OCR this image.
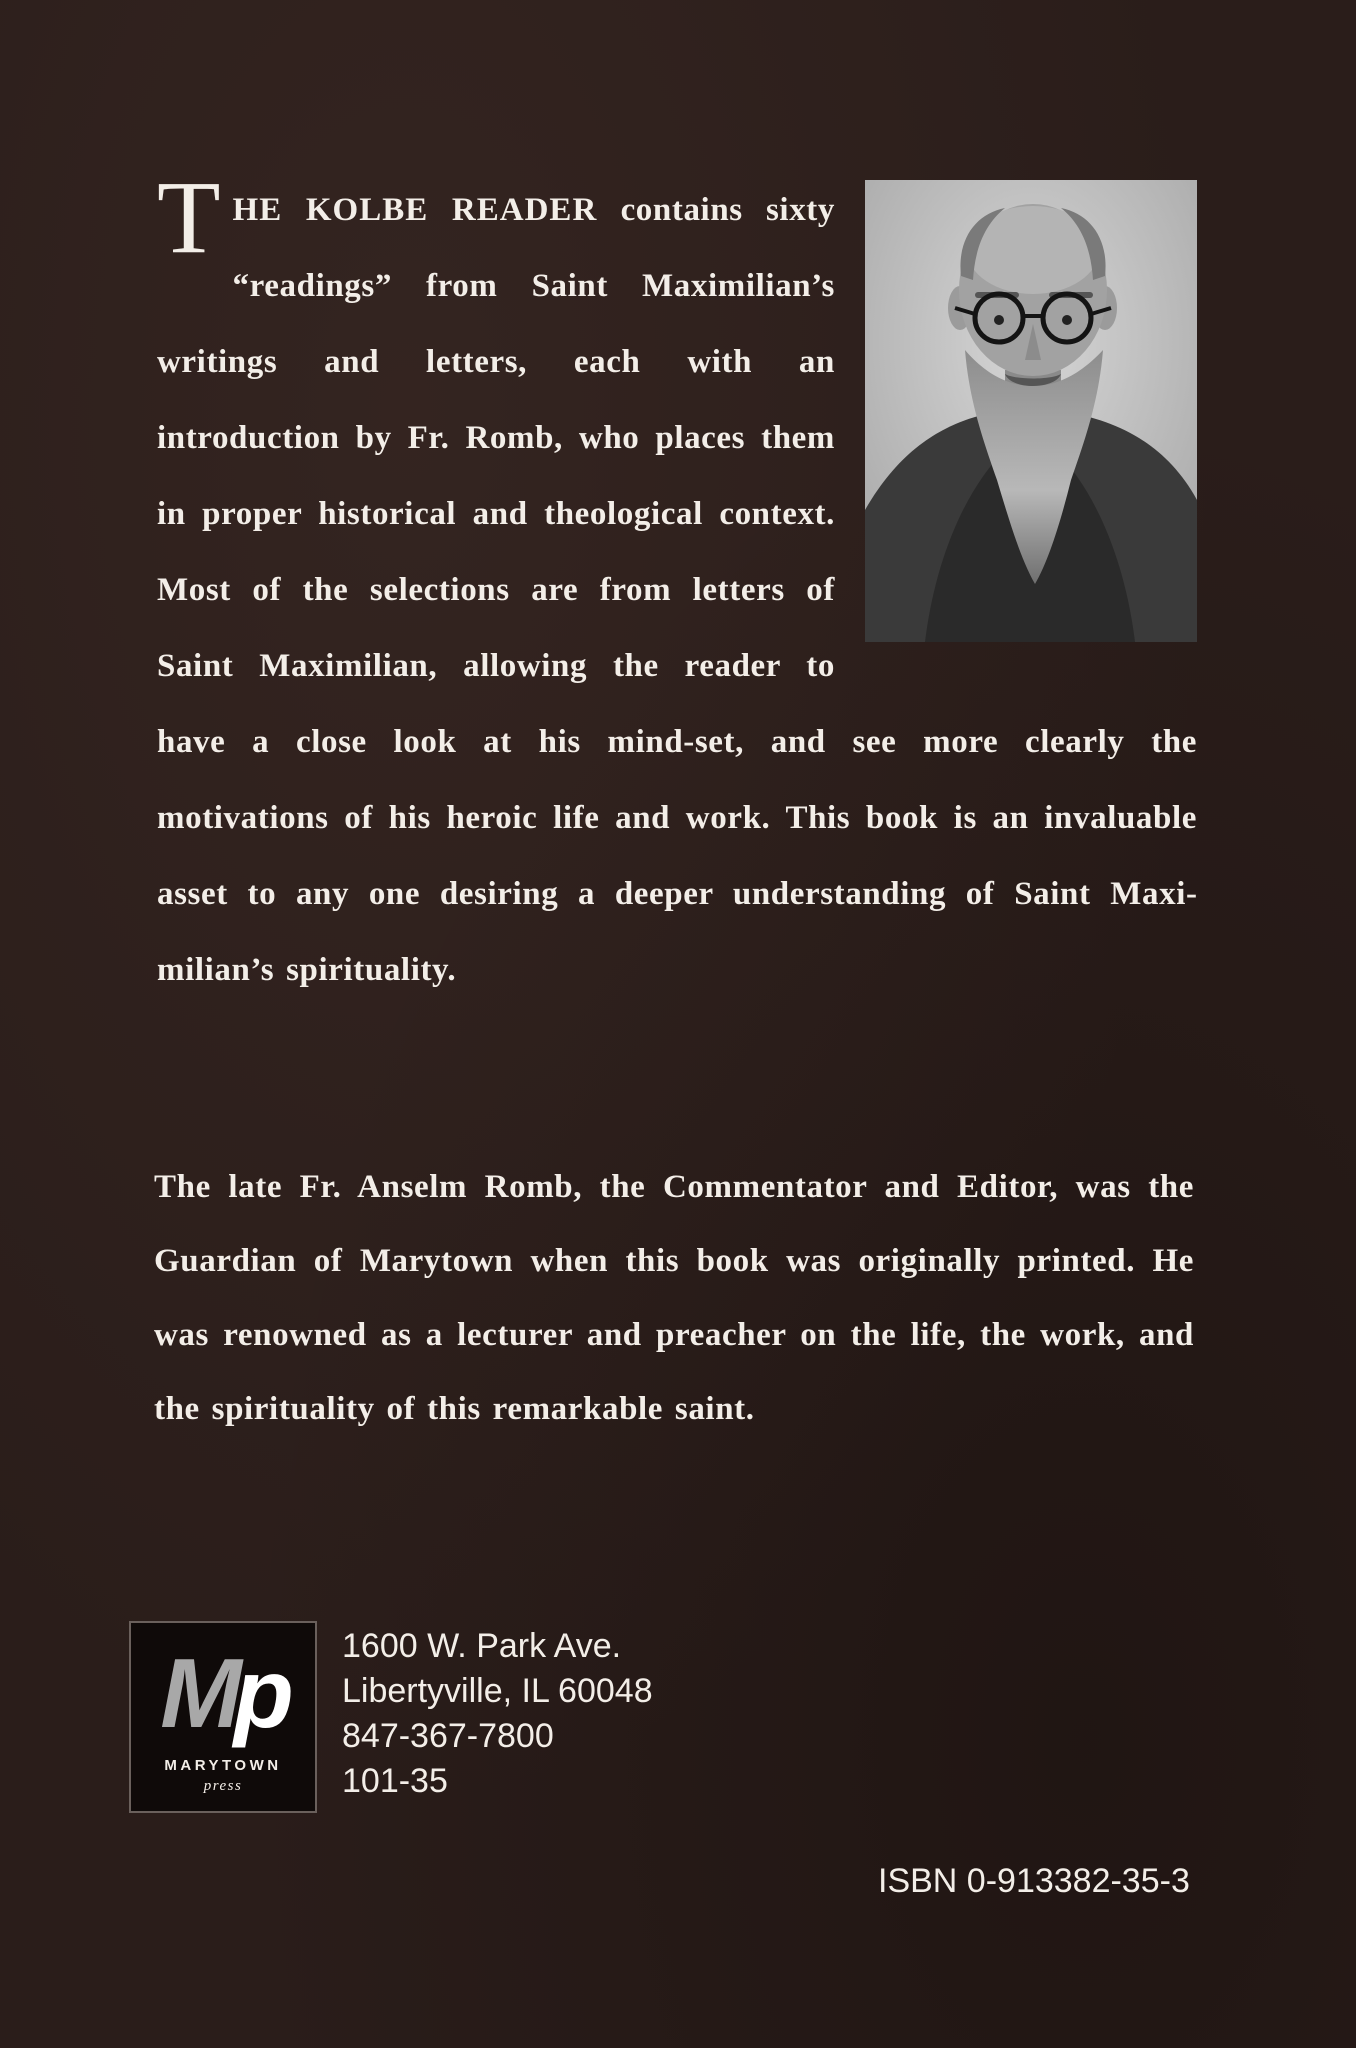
THE KOLBE READER contains sixty “readings” from Saint Maximilian’s writings and letters, each with an introduction by Fr. Romb, who places them in proper historical and theological context. Most of the selections are from letters of Saint Maximilian, allowing the reader to have a close look at his mind-set, and see more clearly the motivations of his heroic life and work. This book is an invaluable asset to any one desiring a deeper understanding of Saint Maximilian’s spirituality.

The late Fr. Anselm Romb, the Commentator and Editor, was the Guardian of Marytown when this book was originally printed. He was renowned as a lecturer and preacher on the life, the work, and the spirituality of this remarkable saint.

Mp
MARYTOWN
press
1600 W. Park Ave.
Libertyville, IL 60048
847-367-7800
101-35
ISBN 0-913382-35-3
